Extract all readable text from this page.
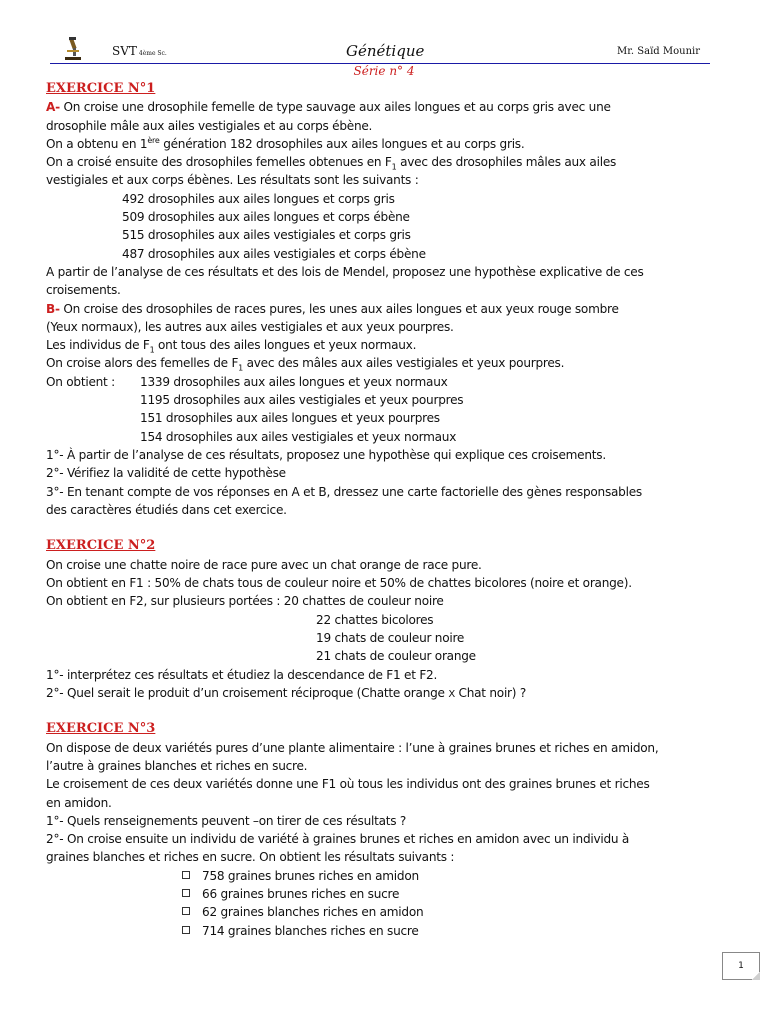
SVT 4ème Sc.	Génétique	Mr. Saïd Mounir
Série n° 4
EXERCICE N°1
A- On croise une drosophile femelle de type sauvage aux ailes longues et au corps gris avec une
drosophile mâle aux ailes vestigiales et au corps ébène.
On a obtenu en 1ère génération 182 drosophiles aux ailes longues et au corps gris.
On a croisé ensuite des drosophiles femelles obtenues en $F_1$ avec des drosophiles mâles aux ailes
vestigiales et aux corps ébènes. Les résultats sont les suivants :
492 drosophiles aux ailes longues et corps gris
509 drosophiles aux ailes longues et corps ébène
515 drosophiles aux ailes vestigiales et corps gris
487 drosophiles aux ailes vestigiales et corps ébène
A partir de l’analyse de ces résultats et des lois de Mendel, proposez une hypothèse explicative de ces
croisements.
B- On croise des drosophiles de races pures, les unes aux ailes longues et aux yeux rouge sombre
(Yeux normaux), les autres aux ailes vestigiales et aux yeux pourpres.
Les individus de $F_1$ ont tous des ailes longues et yeux normaux.
On croise alors des femelles de $F_1$ avec des mâles aux ailes vestigiales et yeux pourpres.
On obtient : 1339 drosophiles aux ailes longues et yeux normaux
1195 drosophiles aux ailes vestigiales et yeux pourpres
151 drosophiles aux ailes longues et yeux pourpres
154 drosophiles aux ailes vestigiales et yeux normaux
1°- À partir de l’analyse de ces résultats, proposez une hypothèse qui explique ces croisements.
2°- Vérifiez la validité de cette hypothèse
3°- En tenant compte de vos réponses en A et B, dressez une carte factorielle des gènes responsables
des caractères étudiés dans cet exercice.
EXERCICE N°2
On croise une chatte noire de race pure avec un chat orange de race pure.
On obtient en F1 : 50% de chats tous de couleur noire et 50% de chattes bicolores (noire et orange).
On obtient en F2, sur plusieurs portées : 20 chattes de couleur noire
22 chattes bicolores
19 chats de couleur noire
21 chats de couleur orange
1°- interprétez ces résultats et étudiez la descendance de F1 et F2.
2°- Quel serait le produit d’un croisement réciproque (Chatte orange X Chat noir) ?
EXERCICE N°3
On dispose de deux variétés pures d’une plante alimentaire : l’une à graines brunes et riches en amidon,
l’autre à graines blanches et riches en sucre.
Le croisement de ces deux variétés donne une F1 où tous les individus ont des graines brunes et riches
en amidon.
1°- Quels renseignements peuvent –on tirer de ces résultats ?
2°- On croise ensuite un individu de variété à graines brunes et riches en amidon avec un individu à
graines blanches et riches en sucre. On obtient les résultats suivants :
758 graines brunes riches en amidon
66 graines brunes riches en sucre
62 graines blanches riches en amidon
714 graines blanches riches en sucre
1
